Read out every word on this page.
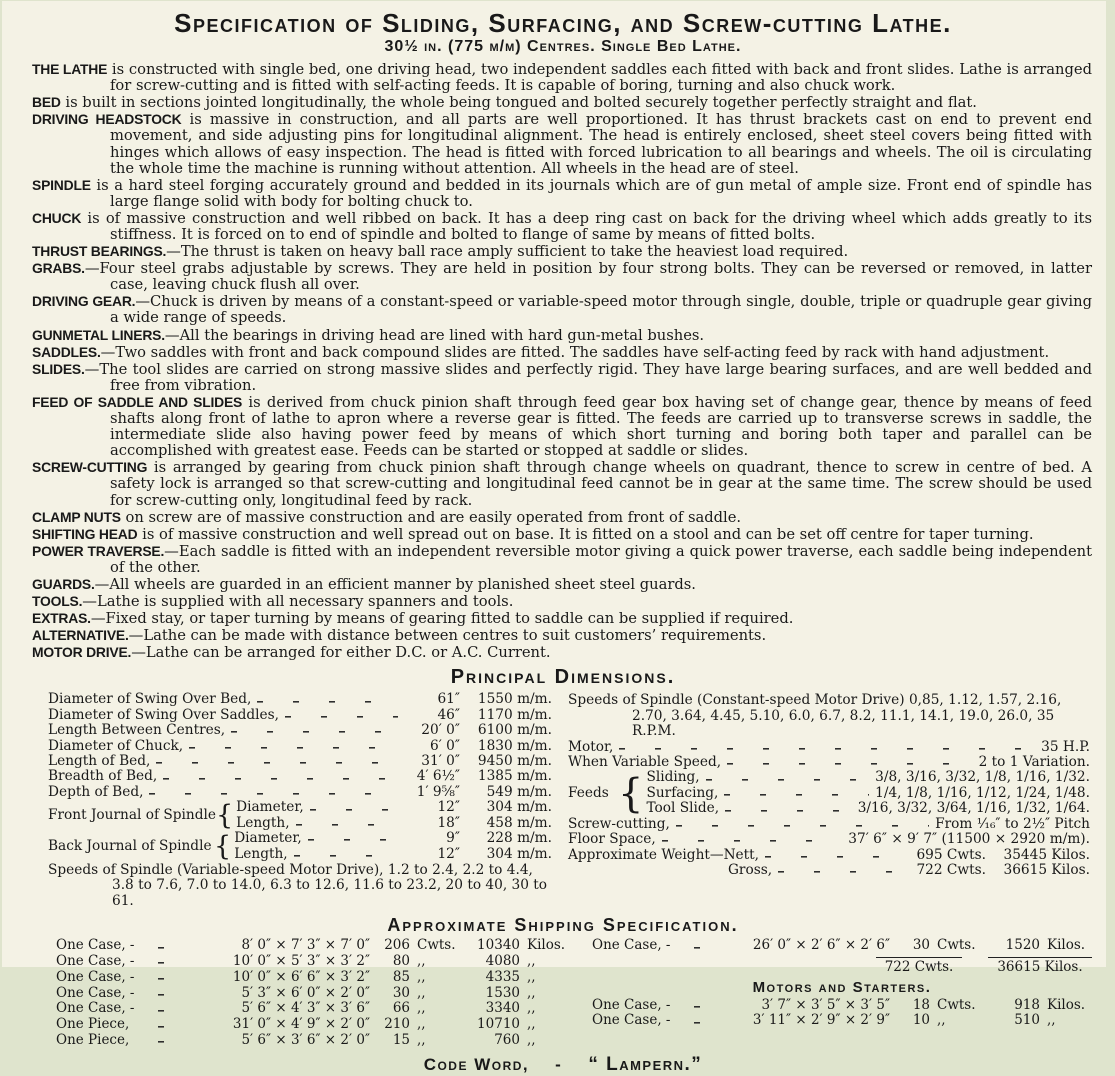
Specification of Sliding, Surfacing, and Screw-cutting Lathe.
30½ in. (775 m/m) Centres. Single Bed Lathe.

THE LATHE is constructed with single bed, one driving head, two independent saddles each fitted with back and front slides. Lathe is arranged for screw-cutting and is fitted with self-acting feeds. It is capable of boring, turning and also chuck work.

BED is built in sections jointed longitudinally, the whole being tongued and bolted securely together perfectly straight and flat.

DRIVING HEADSTOCK is massive in construction, and all parts are well proportioned. It has thrust brackets cast on end to prevent end movement, and side adjusting pins for longitudinal alignment. The head is entirely enclosed, sheet steel covers being fitted with hinges which allows of easy inspection. The head is fitted with forced lubrication to all bearings and wheels. The oil is circulating the whole time the machine is running without attention. All wheels in the head are of steel.

SPINDLE is a hard steel forging accurately ground and bedded in its journals which are of gun metal of ample size. Front end of spindle has large flange solid with body for bolting chuck to.

CHUCK is of massive construction and well ribbed on back. It has a deep ring cast on back for the driving wheel which adds greatly to its stiffness. It is forced on to end of spindle and bolted to flange of same by means of fitted bolts.

THRUST BEARINGS.—The thrust is taken on heavy ball race amply sufficient to take the heaviest load required.

GRABS.—Four steel grabs adjustable by screws. They are held in position by four strong bolts. They can be reversed or removed, in latter case, leaving chuck flush all over.

DRIVING GEAR.—Chuck is driven by means of a constant-speed or variable-speed motor through single, double, triple or quadruple gear giving a wide range of speeds.

GUNMETAL LINERS.—All the bearings in driving head are lined with hard gun-metal bushes.

SADDLES.—Two saddles with front and back compound slides are fitted. The saddles have self-acting feed by rack with hand adjustment.

SLIDES.—The tool slides are carried on strong massive slides and perfectly rigid. They have large bearing surfaces, and are well bedded and free from vibration.

FEED OF SADDLE AND SLIDES is derived from chuck pinion shaft through feed gear box having set of change gear, thence by means of feed shafts along front of lathe to apron where a reverse gear is fitted. The feeds are carried up to transverse screws in saddle, the intermediate slide also having power feed by means of which short turning and boring both taper and parallel can be accomplished with greatest ease. Feeds can be started or stopped at saddle or slides.

SCREW-CUTTING is arranged by gearing from chuck pinion shaft through change wheels on quadrant, thence to screw in centre of bed. A safety lock is arranged so that screw-cutting and longitudinal feed cannot be in gear at the same time. The screw should be used for screw-cutting only, longitudinal feed by rack.

CLAMP NUTS on screw are of massive construction and are easily operated from front of saddle.

SHIFTING HEAD is of massive construction and well spread out on base. It is fitted on a stool and can be set off centre for taper turning.

POWER TRAVERSE.—Each saddle is fitted with an independent reversible motor giving a quick power traverse, each saddle being independent of the other.

GUARDS.—All wheels are guarded in an efficient manner by planished sheet steel guards.

TOOLS.—Lathe is supplied with all necessary spanners and tools.

EXTRAS.—Fixed stay, or taper turning by means of gearing fitted to saddle can be supplied if required.

ALTERNATIVE.—Lathe can be made with distance between centres to suit customers’ requirements.

MOTOR DRIVE.—Lathe can be arranged for either D.C. or A.C. Current.

Principal Dimensions.
Diameter of Swing Over Bed,	61″	1550 m/m.
Diameter of Swing Over Saddles,	46″	1170 m/m.
Length Between Centres,	20′ 0″	6100 m/m.
Diameter of Chuck,	6′ 0″	1830 m/m.
Length of Bed,	31′ 0″	9450 m/m.
Breadth of Bed,	4′ 6½″	1385 m/m.
Depth of Bed,	1′ 9⅝″	549 m/m.
Front Journal of Spindle { Diameter,	12″	304 m/m.
Length,	18″	458 m/m.
Back Journal of Spindle { Diameter,	9″	228 m/m.
Length,	12″	304 m/m.
Speeds of Spindle (Variable-speed Motor Drive), 1.2 to 2.4, 2.2 to 4.4, 3.8 to 7.6, 7.0 to 14.0, 6.3 to 12.6, 11.6 to 23.2, 20 to 40, 30 to 61.
Speeds of Spindle (Constant-speed Motor Drive) 0,85, 1.12, 1.57, 2.16, 2.70, 3.64, 4.45, 5.10, 6.0, 6.7, 8.2, 11.1, 14.1, 19.0, 26.0, 35 R.P.M.
Motor,	35 H.P.
When Variable Speed,	2 to 1 Variation.
Feeds
{
Sliding,	3/8, 3/16, 3/32, 1/8, 1/16, 1/32.
Surfacing,	1/4, 1/8, 1/16, 1/12, 1/24, 1/48.
Tool Slide,	3/16, 3/32, 3/64, 1/16, 1/32, 1/64.
Screw-cutting,	From ¹⁄₁₆″ to 2½″ Pitch
Floor Space,	37′ 6″ × 9′ 7″ (11500 × 2920 m/m).
Approximate Weight—Nett,	695 Cwts.	35445 Kilos.
Gross,	722 Cwts.	36615 Kilos.
Approximate Shipping Specification.
One Case, -	8′ 0″ × 7′ 3″ × 7′ 0″	206 Cwts.	10340 Kilos.
One Case, -	10′ 0″ × 5′ 3″ × 3′ 2″	80 ,,	4080 ,,
One Case, -	10′ 0″ × 6′ 6″ × 3′ 2″	85 ,,	4335 ,,
One Case, -	5′ 3″ × 6′ 0″ × 2′ 0″	30 ,,	1530 ,,
One Case, -	5′ 6″ × 4′ 3″ × 3′ 6″	66 ,,	3340 ,,
One Piece,	31′ 0″ × 4′ 9″ × 2′ 0″	210 ,,	10710 ,,
One Piece,	5′ 6″ × 3′ 6″ × 2′ 0″	15 ,,	760 ,,
One Case, -	26′ 0″ × 2′ 6″ × 2′ 6″	30 Cwts.	1520 Kilos.
722 Cwts.	36615 Kilos.
Motors and Starters.
One Case, -	3′ 7″ × 3′ 5″ × 3′ 5″	18 Cwts.	918 Kilos.
One Case, -	3′ 11″ × 2′ 9″ × 2′ 9″	10 ,,	510 ,,
Code Word, - “ Lampern.”
